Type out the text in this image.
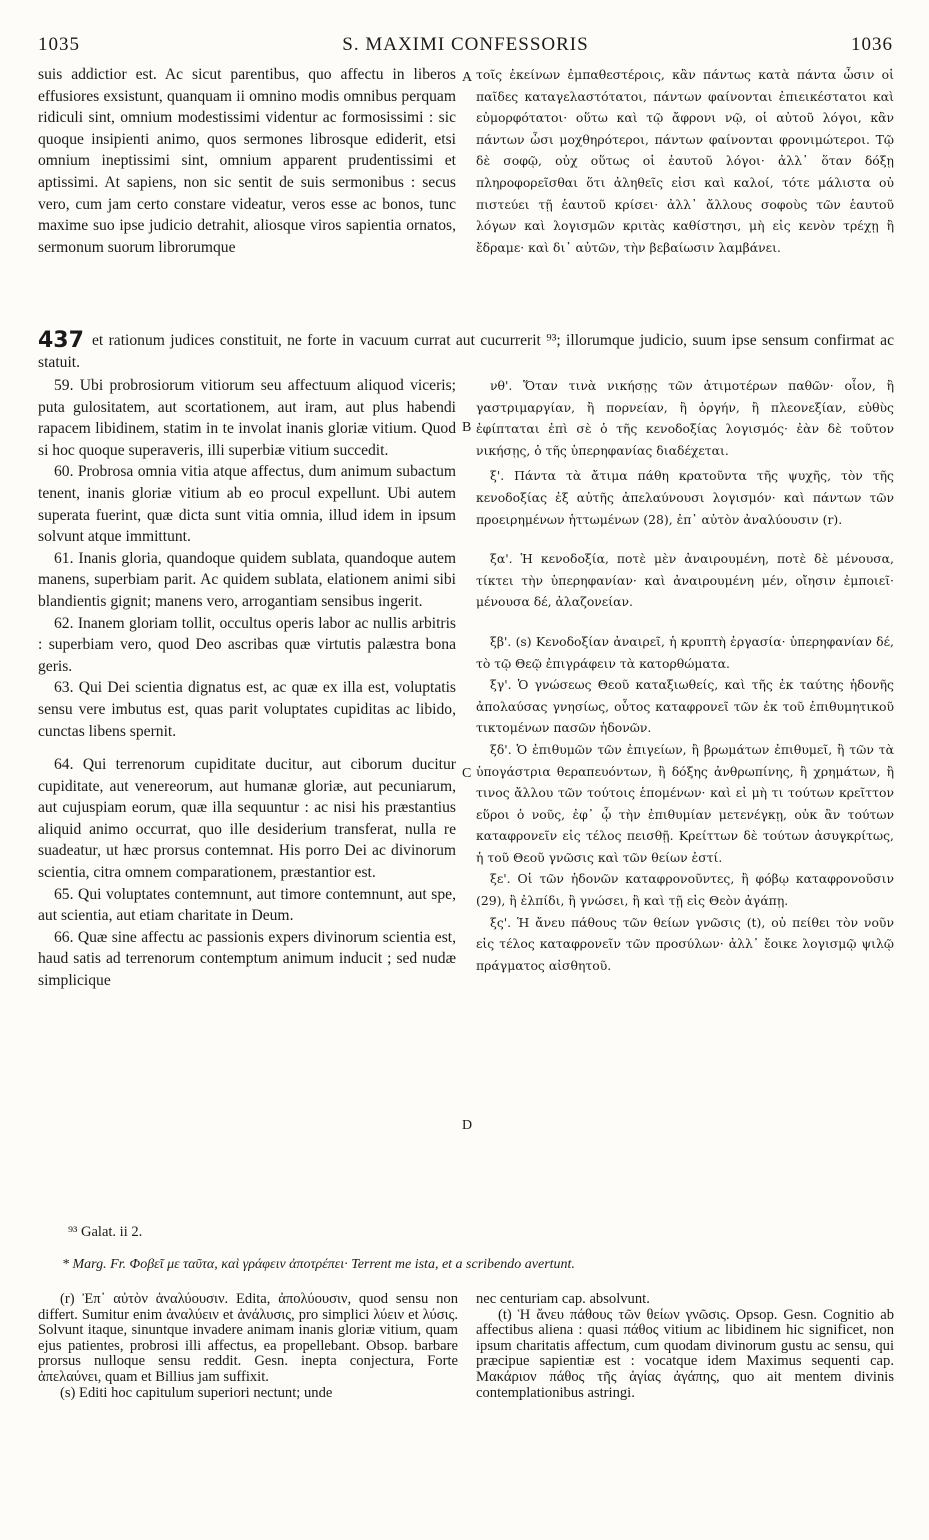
1035	S. MAXIMI CONFESSORIS	1036

suis addictior est. Ac sicut parentibus, quo affectu in liberos effusiores exsistunt, quanquam ii omnino modis omnibus perquam ridiculi sint, omnium modestissimi videntur ac formosissimi : sic quoque insipienti animo, quos sermones librosque ediderit, etsi omnium ineptissimi sint, omnium apparent prudentissimi et aptissimi. At sapiens, non sic sentit de suis sermonibus : secus vero, cum jam certo constare videatur, veros esse ac bonos, tunc maxime suo ipse judicio detrahit, aliosque viros sapientia ornatos, sermonum suorum librorumque

τοῖς ἐκείνων ἐμπαθεστέροις, κἂν πάντως κατὰ πάντα ὦσιν οἱ παῖδες καταγελαστότατοι, πάντων φαίνονται ἐπιεικέστατοι καὶ εὐμορφότατοι· οὕτω καὶ τῷ ἄφρονι νῷ, οἱ αὐτοῦ λόγοι, κἂν πάντων ὦσι μοχθηρότεροι, πάντων φαίνονται φρονιμώτεροι. Τῷ δὲ σοφῷ, οὐχ οὕτως οἱ ἑαυτοῦ λόγοι· ἀλλ᾽ ὅταν δόξῃ πληροφορεῖσθαι ὅτι ἀληθεῖς εἰσι καὶ καλοί, τότε μάλιστα οὐ πιστεύει τῇ ἑαυτοῦ κρίσει· ἀλλ᾽ ἄλλους σοφοὺς τῶν ἑαυτοῦ λόγων καὶ λογισμῶν κριτὰς καθίστησι, μὴ εἰς κενὸν τρέχῃ ἢ ἔδραμε· καὶ δι᾽ αὐτῶν, τὴν βεβαίωσιν λαμβάνει.

A
437 et rationum judices constituit, ne forte in vacuum currat aut cucurrerit ⁹³; illorumque judicio, suum ipse sensum confirmat ac statuit.

59. Ubi probrosiorum vitiorum seu affectuum aliquod viceris; puta gulositatem, aut scortationem, aut iram, aut plus habendi rapacem libidinem, statim in te involat inanis gloriæ vitium. Quod si hoc quoque superaveris, illi superbiæ vitium succedit.

60. Probrosa omnia vitia atque affectus, dum animum subactum tenent, inanis gloriæ vitium ab eo procul expellunt. Ubi autem superata fuerint, quæ dicta sunt vitia omnia, illud idem in ipsum solvunt atque immittunt.

61. Inanis gloria, quandoque quidem sublata, quandoque autem manens, superbiam parit. Ac quidem sublata, elationem animi sibi blandientis gignit; manens vero, arrogantiam sensibus ingerit.

62. Inanem gloriam tollit, occultus operis labor ac nullis arbitris : superbiam vero, quod Deo ascribas quæ virtutis palæstra bona geris.

63. Qui Dei scientia dignatus est, ac quæ ex illa est, voluptatis sensu vere imbutus est, quas parit voluptates cupiditas ac libido, cunctas libens spernit.

64. Qui terrenorum cupiditate ducitur, aut ciborum ducitur cupiditate, aut venereorum, aut humanæ gloriæ, aut pecuniarum, aut cujuspiam eorum, quæ illa sequuntur : ac nisi his præstantius aliquid animo occurrat, quo ille desiderium transferat, nulla re suadeatur, ut hæc prorsus contemnat. His porro Dei ac divinorum scientia, citra omnem comparationem, præstantior est.

65. Qui voluptates contemnunt, aut timore contemnunt, aut spe, aut scientia, aut etiam charitate in Deum.

66. Quæ sine affectu ac passionis expers divinorum scientia est, haud satis ad terrenorum contemptum animum inducit ; sed nudæ simplicique

νθ'. Ὅταν τινὰ νικήσῃς τῶν ἀτιμοτέρων παθῶν· οἷον, ἢ γαστριμαργίαν, ἢ πορνείαν, ἢ ὀργήν, ἢ πλεονεξίαν, εὐθὺς ἐφίπταται ἐπὶ σὲ ὁ τῆς κενοδοξίας λογισμός· ἐὰν δὲ τοῦτον νικήσῃς, ὁ τῆς ὑπερηφανίας διαδέχεται.

ξ'. Πάντα τὰ ἄτιμα πάθη κρατοῦντα τῆς ψυχῆς, τὸν τῆς κενοδοξίας ἐξ αὐτῆς ἀπελαύνουσι λογισμόν· καὶ πάντων τῶν προειρημένων ἡττωμένων (28), ἐπ᾽ αὐτὸν ἀναλύουσιν (r).

ξα'. Ἡ κενοδοξία, ποτὲ μὲν ἀναιρουμένη, ποτὲ δὲ μένουσα, τίκτει τὴν ὑπερηφανίαν· καὶ ἀναιρουμένη μέν, οἴησιν ἐμποιεῖ· μένουσα δέ, ἀλαζονείαν.

ξβ'. (s) Κενοδοξίαν ἀναιρεῖ, ἡ κρυπτὴ ἐργασία· ὑπερηφανίαν δέ, τὸ τῷ Θεῷ ἐπιγράφειν τὰ κατορθώματα.

ξγ'. Ὁ γνώσεως Θεοῦ καταξιωθείς, καὶ τῆς ἐκ ταύτης ἡδονῆς ἀπολαύσας γνησίως, οὗτος καταφρονεῖ τῶν ἐκ τοῦ ἐπιθυμητικοῦ τικτομένων πασῶν ἡδονῶν.

ξδ'. Ὁ ἐπιθυμῶν τῶν ἐπιγείων, ἢ βρωμάτων ἐπιθυμεῖ, ἢ τῶν τὰ ὑπογάστρια θεραπευόντων, ἢ δόξης ἀνθρωπίνης, ἢ χρημάτων, ἢ τινος ἄλλου τῶν τούτοις ἑπομένων· καὶ εἰ μὴ τι τούτων κρεῖττον εὕροι ὁ νοῦς, ἐφ᾽ ᾧ τὴν ἐπιθυμίαν μετενέγκῃ, οὐκ ἂν τούτων καταφρονεῖν εἰς τέλος πεισθῇ. Κρείττων δὲ τούτων ἀσυγκρίτως, ἡ τοῦ Θεοῦ γνῶσις καὶ τῶν θείων ἐστί.

ξε'. Οἱ τῶν ἡδονῶν καταφρονοῦντες, ἢ φόβῳ καταφρονοῦσιν (29), ἢ ἐλπίδι, ἢ γνώσει, ἢ καὶ τῇ εἰς Θεὸν ἀγάπῃ.

ξς'. Ἡ ἄνευ πάθους τῶν θείων γνῶσις (t), οὐ πείθει τὸν νοῦν εἰς τέλος καταφρονεῖν τῶν προσύλων· ἀλλ᾽ ἔοικε λογισμῷ ψιλῷ πράγματος αἰσθητοῦ.

B
C
D
⁹³ Galat. ii 2.
* Marg. Fr. Φοβεῖ με ταῦτα, καὶ γράφειν ἀποτρέπει· Terrent me ista, et a scribendo avertunt.

(r) Ἐπ᾽ αὐτὸν ἀναλύουσιν. Edita, ἀπολύουσιν, quod sensu non differt. Sumitur enim ἀναλύειν et ἀνάλυσις, pro simplici λύειν et λύσις. Solvunt itaque, sinuntque invadere animam inanis gloriæ vitium, quam ejus patientes, probrosi illi affectus, ea propellebant. Obsop. barbare prorsus nulloque sensu reddit. Gesn. inepta conjectura, Forte ἀπελαύνει, quam et Billius jam suffixit.

(s) Editi hoc capitulum superiori nectunt; unde

nec centuriam cap. absolvunt.

(t) Ἡ ἄνευ πάθους τῶν θείων γνῶσις. Opsop. Gesn. Cognitio ab affectibus aliena : quasi πάθος vitium ac libidinem hic significet, non ipsum charitatis affectum, cum quodam divinorum gustu ac sensu, qui præcipue sapientiæ est : vocatque idem Maximus sequenti cap. Μακάριον πάθος τῆς ἁγίας ἀγάπης, quo ait mentem divinis contemplationibus astringi.
